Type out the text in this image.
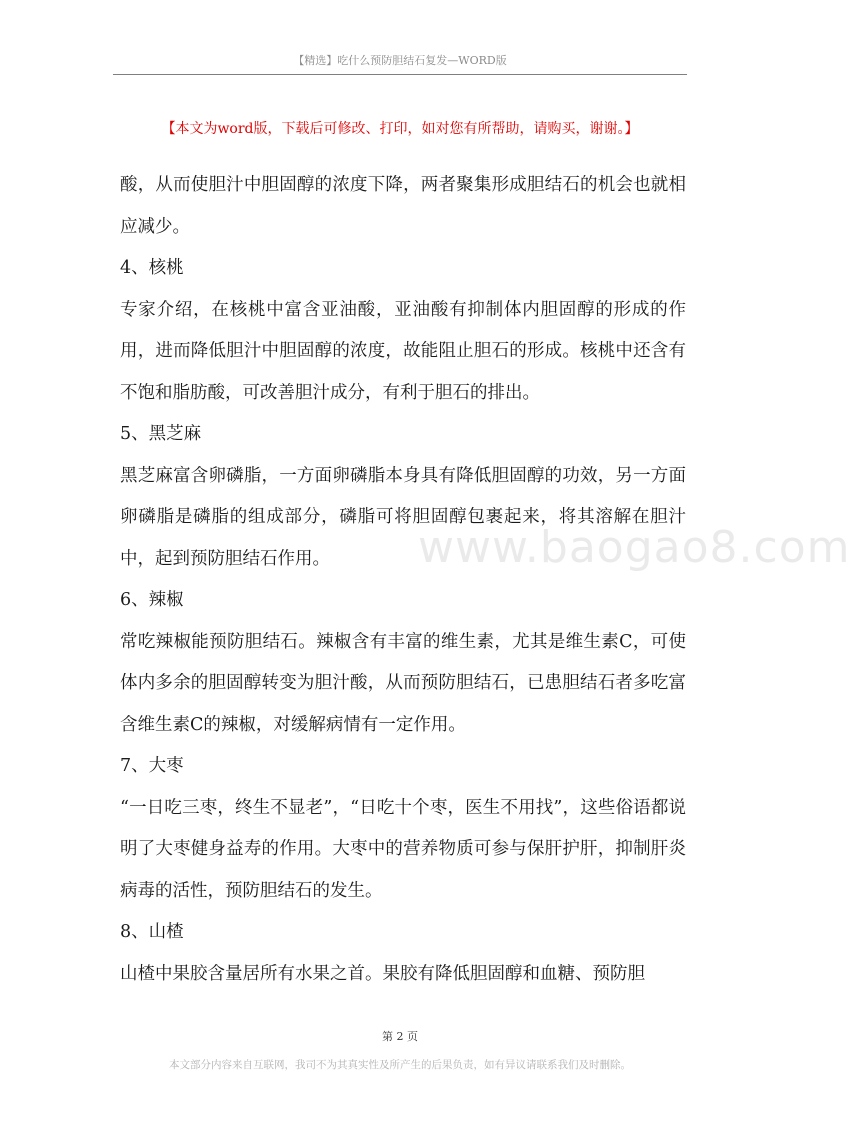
【精选】吃什么预防胆结石复发—WORD版
【本文为word版，下载后可修改、打印，如对您有所帮助，请购买，谢谢。】
www.baogao8.com

酸，从而使胆汁中胆固醇的浓度下降，两者聚集形成胆结石的机会也就相应减少。

4、核桃

专家介绍，在核桃中富含亚油酸，亚油酸有抑制体内胆固醇的形成的作用，进而降低胆汁中胆固醇的浓度，故能阻止胆石的形成。核桃中还含有不饱和脂肪酸，可改善胆汁成分，有利于胆石的排出。

5、黑芝麻

黑芝麻富含卵磷脂，一方面卵磷脂本身具有降低胆固醇的功效，另一方面卵磷脂是磷脂的组成部分，磷脂可将胆固醇包裹起来，将其溶解在胆汁中，起到预防胆结石作用。

6、辣椒

常吃辣椒能预防胆结石。辣椒含有丰富的维生素，尤其是维生素C，可使体内多余的胆固醇转变为胆汁酸，从而预防胆结石，已患胆结石者多吃富含维生素C的辣椒，对缓解病情有一定作用。

7、大枣

“一日吃三枣，终生不显老”，“日吃十个枣，医生不用找”，这些俗语都说明了大枣健身益寿的作用。大枣中的营养物质可参与保肝护肝，抑制肝炎病毒的活性，预防胆结石的发生。

8、山楂

山楂中果胶含量居所有水果之首。果胶有降低胆固醇和血糖、预防胆

第 2 页
本文部分内容来自互联网，我司不为其真实性及所产生的后果负责，如有异议请联系我们及时删除。
